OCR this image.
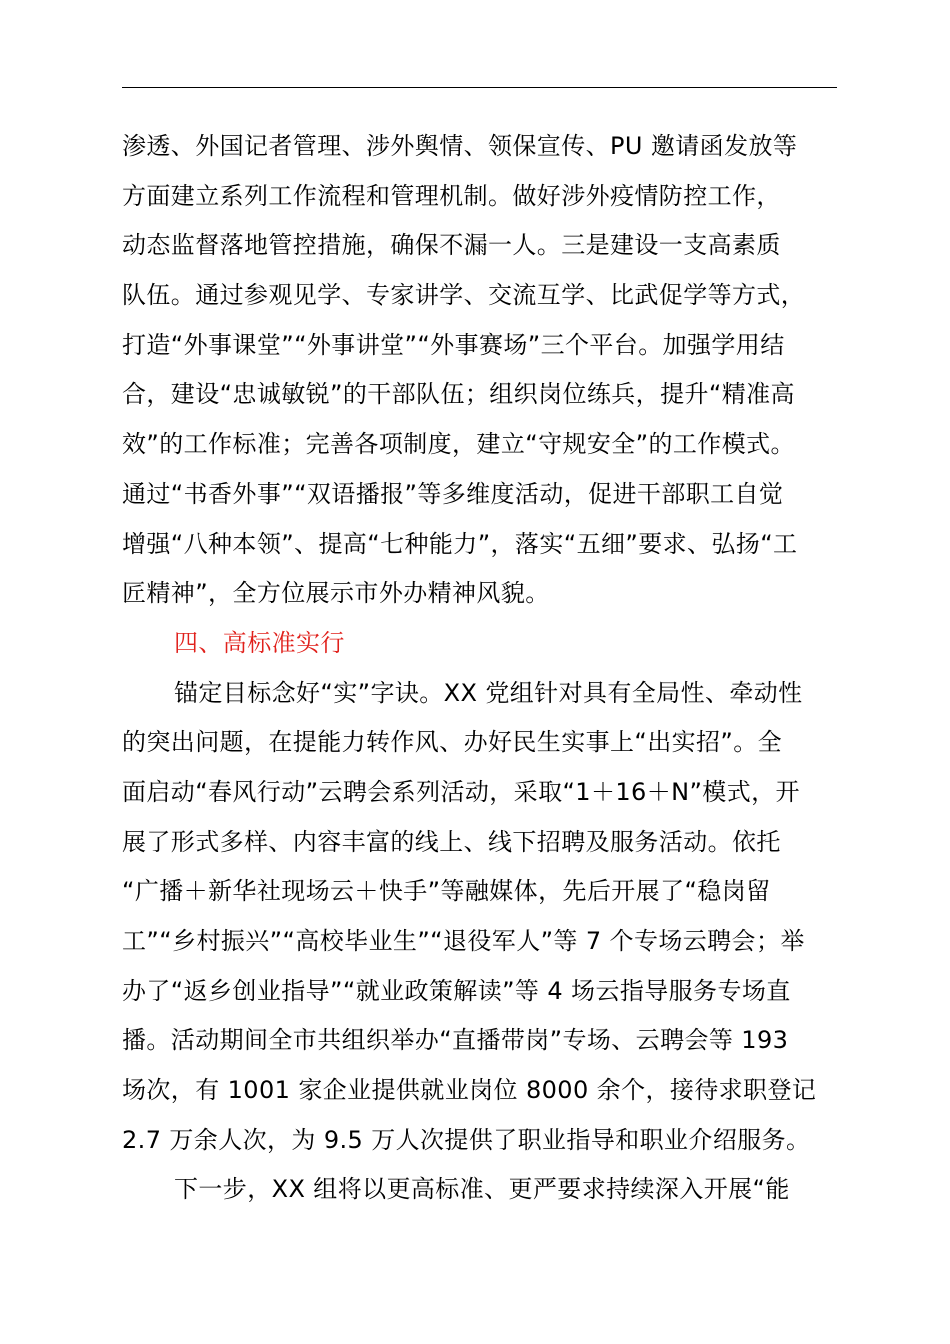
渗透、外国记者管理、涉外舆情、领保宣传、PU 邀请函发放等
方面建立系列工作流程和管理机制。做好涉外疫情防控工作，
动态监督落地管控措施，确保不漏一人。三是建设一支高素质
队伍。通过参观见学、专家讲学、交流互学、比武促学等方式，
打造“外事课堂”“外事讲堂”“外事赛场”三个平台。加强学用结
合，建设“忠诚敏锐”的干部队伍；组织岗位练兵，提升“精准高
效”的工作标准；完善各项制度，建立“守规安全”的工作模式。
通过“书香外事”“双语播报”等多维度活动，促进干部职工自觉
增强“八种本领”、提高“七种能力”，落实“五细”要求、弘扬“工
匠精神”，全方位展示市外办精神风貌。
四、高标准实行
锚定目标念好“实”字诀。XX 党组针对具有全局性、牵动性
的突出问题，在提能力转作风、办好民生实事上“出实招”。全
面启动“春风行动”云聘会系列活动，采取“1＋16＋N”模式，开
展了形式多样、内容丰富的线上、线下招聘及服务活动。依托
“广播＋新华社现场云＋快手”等融媒体，先后开展了“稳岗留
工”“乡村振兴”“高校毕业生”“退役军人”等 7 个专场云聘会；举
办了“返乡创业指导”“就业政策解读”等 4 场云指导服务专场直
播。活动期间全市共组织举办“直播带岗”专场、云聘会等 193
场次，有 1001 家企业提供就业岗位 8000 余个，接待求职登记
2.7 万余人次，为 9.5 万人次提供了职业指导和职业介绍服务。
下一步，XX 组将以更高标准、更严要求持续深入开展“能
